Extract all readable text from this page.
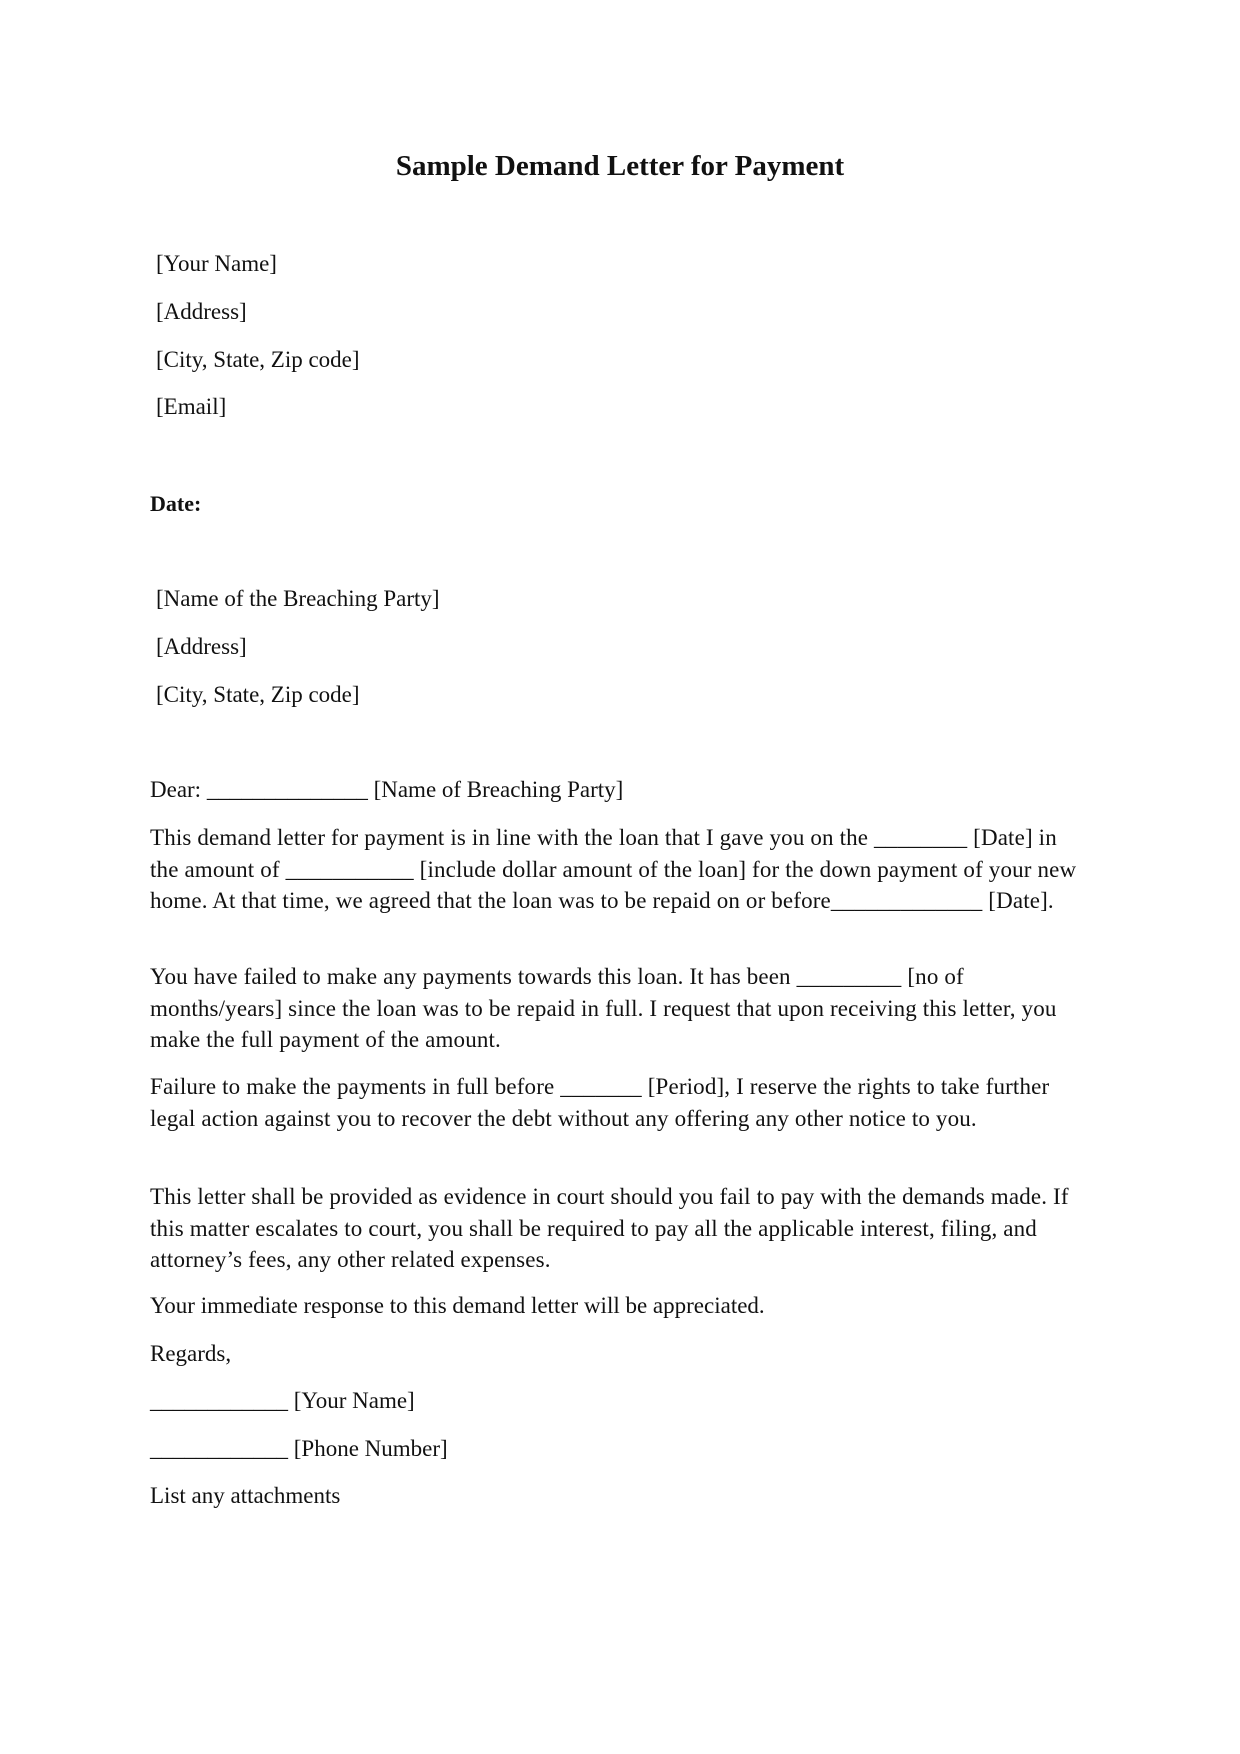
Sample Demand Letter for Payment
[Your Name]
[Address]
[City, State, Zip code]
[Email]
Date:
[Name of the Breaching Party]
[Address]
[City, State, Zip code]
Dear: ______________ [Name of Breaching Party]
This demand letter for payment is in line with the loan that I gave you on the ________ [Date] in the amount of ___________ [include dollar amount of the loan] for the down payment of your new home. At that time, we agreed that the loan was to be repaid on or before_____________ [Date].
You have failed to make any payments towards this loan. It has been _________ [no of months/years] since the loan was to be repaid in full. I request that upon receiving this letter, you make the full payment of the amount.
Failure to make the payments in full before _______ [Period], I reserve the rights to take further legal action against you to recover the debt without any offering any other notice to you.
This letter shall be provided as evidence in court should you fail to pay with the demands made. If this matter escalates to court, you shall be required to pay all the applicable interest, filing, and attorney’s fees, any other related expenses.
Your immediate response to this demand letter will be appreciated.
Regards,
____________ [Your Name]
____________ [Phone Number]
List any attachments
